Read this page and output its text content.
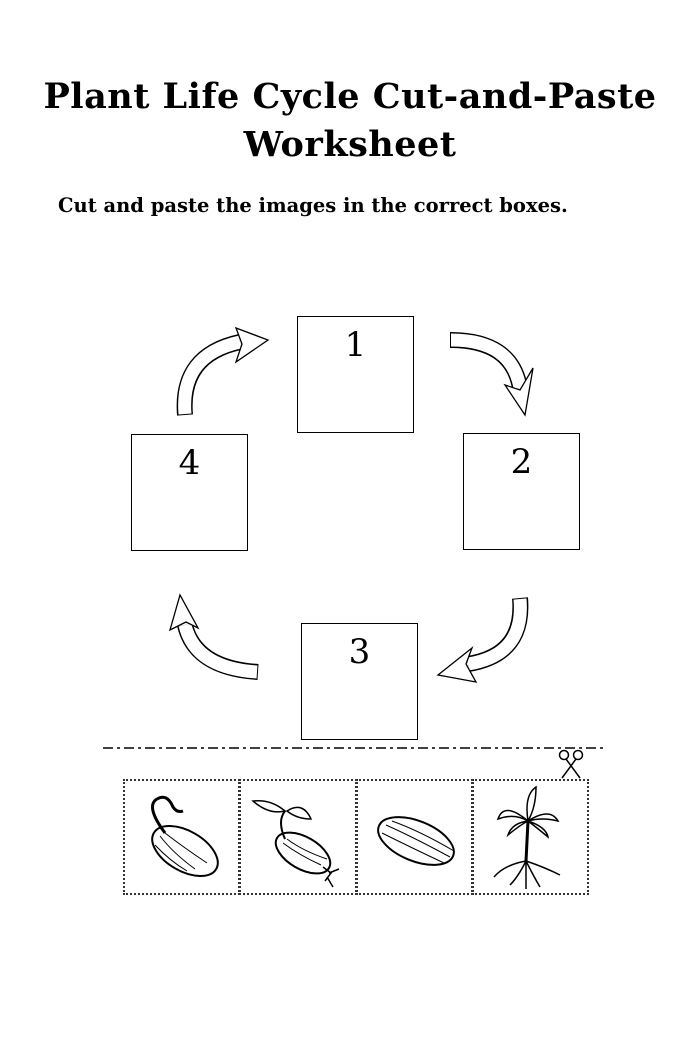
Plant Life Cycle Cut-and-Paste
Worksheet
Cut and paste the images in the correct boxes.
1
2
3
4
